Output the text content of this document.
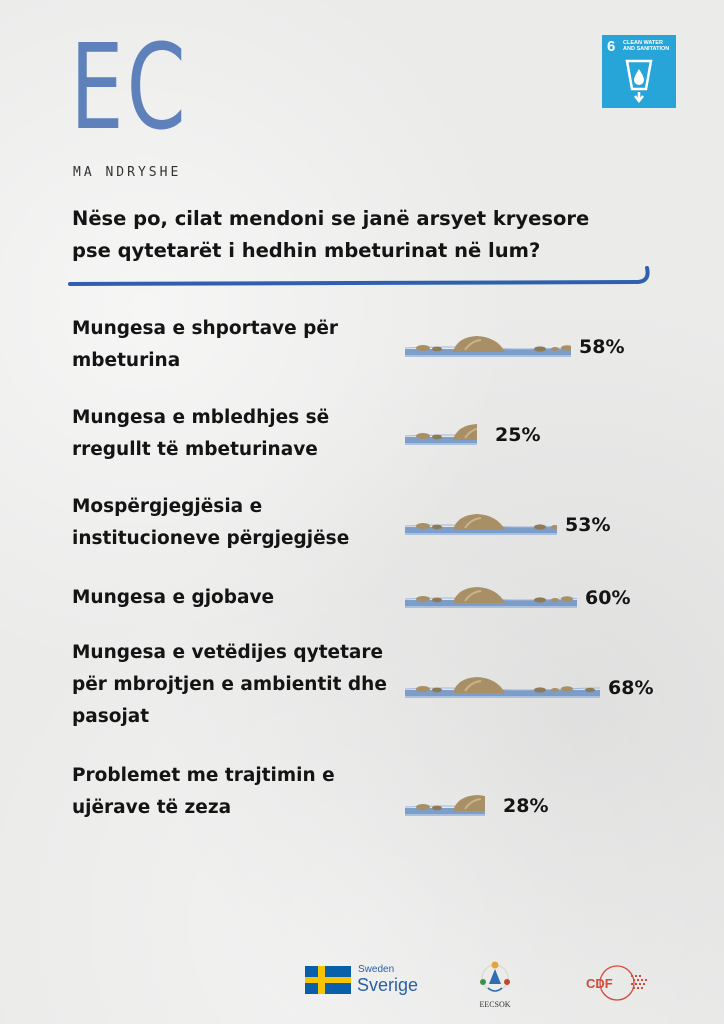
EC
MA NDRYSHE
6 CLEAN WATER AND SANITATION
Nëse po, cilat mendoni se janë arsyet kryesore pse qytetarët i hedhin mbeturinat në lum?
Mungesa e shportave për mbeturina
58%
Mungesa e mbledhjes së rregullt të mbeturinave
25%
Mospërgjegjësia e institucioneve përgjegjëse
53%
Mungesa e gjobave	60%
Mungesa e vetëdijes qytetare për mbrojtjen e ambientit dhe pasojat
68%
Problemet me trajtimin e ujërave të zeza	28%
Sweden
Sverige
EECSOK
CDF
